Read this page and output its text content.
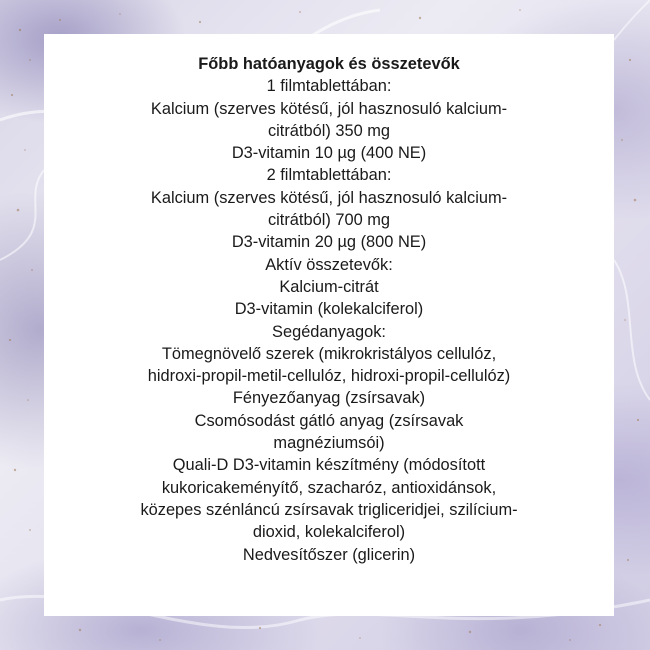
Főbb hatóanyagok és összetevők
1 filmtablettában:
Kalcium (szerves kötésű, jól hasznosuló kalcium-
citrátból) 350 mg
D3-vitamin 10 µg (400 NE)
2 filmtablettában:
Kalcium (szerves kötésű, jól hasznosuló kalcium-
citrátból) 700 mg
D3-vitamin 20 µg (800 NE)
Aktív összetevők:
Kalcium-citrát
D3-vitamin (kolekalciferol)
Segédanyagok:
Tömegnövelő szerek (mikrokristályos cellulóz,
hidroxi-propil-metil-cellulóz, hidroxi-propil-cellulóz)
Fényezőanyag (zsírsavak)
Csomósodást gátló anyag (zsírsavak
magnéziumsói)
Quali-D D3-vitamin készítmény (módosított
kukoricakeményítő, szacharóz, antioxidánsok,
közepes szénláncú zsírsavak trigliceridjei, szilícium-
dioxid, kolekalciferol)
Nedvesítőszer (glicerin)
